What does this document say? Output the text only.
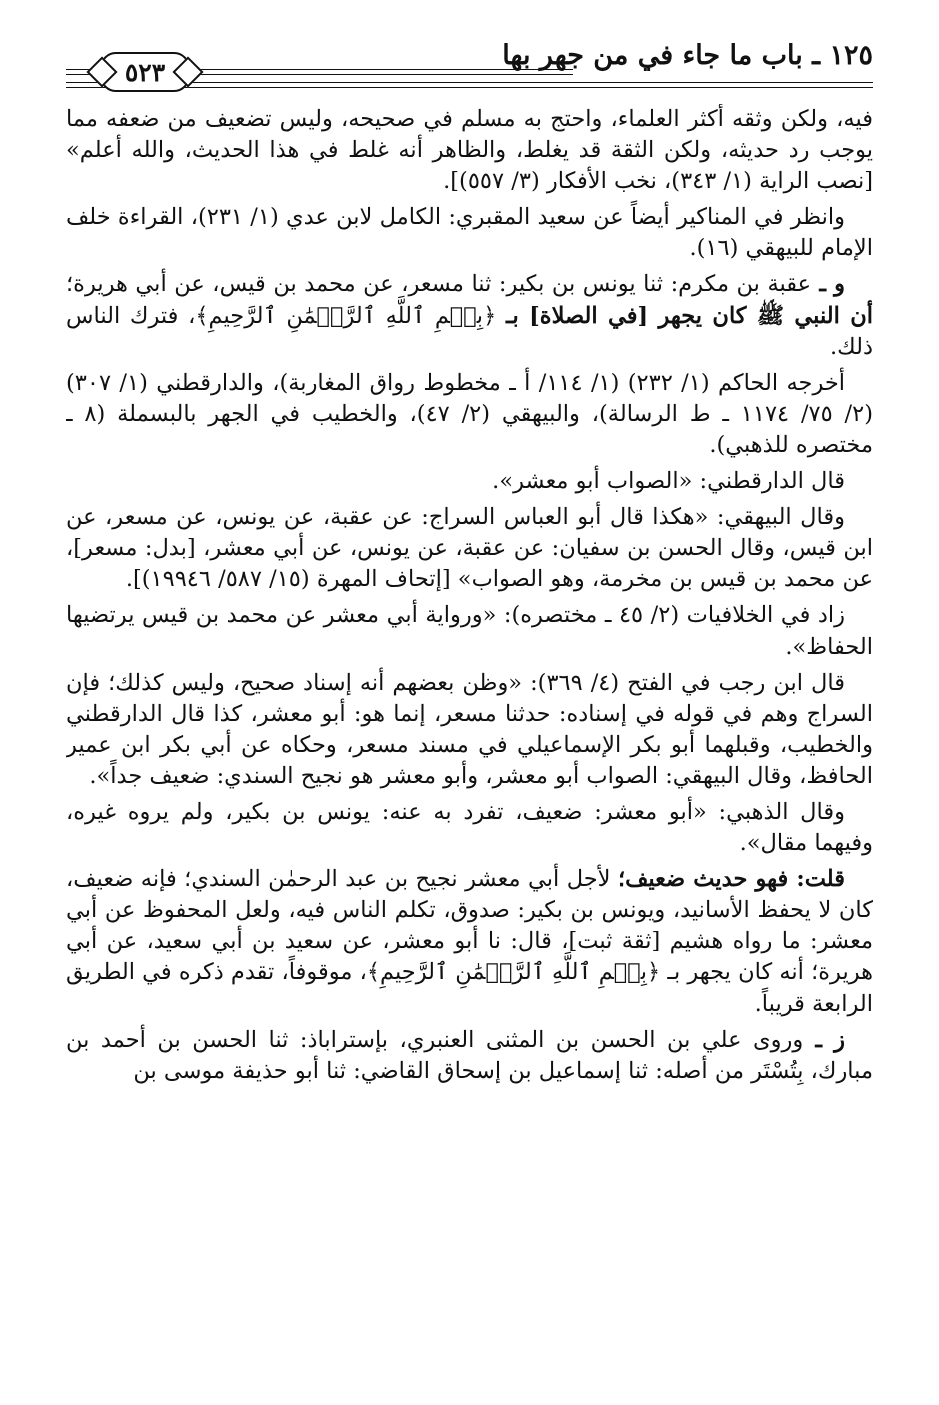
١٢٥ ـ باب ما جاء في من جهر بها
٥٢٣

فيه، ولكن وثقه أكثر العلماء، واحتج به مسلم في صحيحه، وليس تضعيف من ضعفه مما يوجب رد حديثه، ولكن الثقة قد يغلط، والظاهر أنه غلط في هذا الحديث، والله أعلم» [نصب الراية (١/ ٣٤٣)، نخب الأفكار (٣/ ٥٥٧)].

وانظر في المناكير أيضاً عن سعيد المقبري: الكامل لابن عدي (١/ ٢٣١)، القراءة خلف الإمام للبيهقي (١٦).

و ـ عقبة بن مكرم: ثنا يونس بن بكير: ثنا مسعر، عن محمد بن قيس، عن أبي هريرة؛ أن النبي ﷺ كان يجهر [في الصلاة] بـ ﴿بِسۡمِ ٱللَّهِ ٱلرَّحۡمَٰنِ ٱلرَّحِيمِ﴾، فترك الناس ذلك.

أخرجه الحاكم (١/ ٢٣٢) (١/ ١١٤/ أ ـ مخطوط رواق المغاربة)، والدارقطني (١/ ٣٠٧) (٢/ ٧٥/ ١١٧٤ ـ ط الرسالة)، والبيهقي (٢/ ٤٧)، والخطيب في الجهر بالبسملة (٨ ـ مختصره للذهبي).

قال الدارقطني: «الصواب أبو معشر».

وقال البيهقي: «هكذا قال أبو العباس السراج: عن عقبة، عن يونس، عن مسعر، عن ابن قيس، وقال الحسن بن سفيان: عن عقبة، عن يونس، عن أبي معشر، [بدل: مسعر]، عن محمد بن قيس بن مخرمة، وهو الصواب» [إتحاف المهرة (١٥/ ٥٨٧/ ١٩٩٤٦)].

زاد في الخلافيات (٢/ ٤٥ ـ مختصره): «ورواية أبي معشر عن محمد بن قيس يرتضيها الحفاظ».

قال ابن رجب في الفتح (٤/ ٣٦٩): «وظن بعضهم أنه إسناد صحيح، وليس كذلك؛ فإن السراج وهم في قوله في إسناده: حدثنا مسعر، إنما هو: أبو معشر، كذا قال الدارقطني والخطيب، وقبلهما أبو بكر الإسماعيلي في مسند مسعر، وحكاه عن أبي بكر ابن عمير الحافظ، وقال البيهقي: الصواب أبو معشر، وأبو معشر هو نجيح السندي: ضعيف جداً».

وقال الذهبي: «أبو معشر: ضعيف، تفرد به عنه: يونس بن بكير، ولم يروه غيره، وفيهما مقال».

قلت: فهو حديث ضعيف؛ لأجل أبي معشر نجيح بن عبد الرحمٰن السندي؛ فإنه ضعيف، كان لا يحفظ الأسانيد، ويونس بن بكير: صدوق، تكلم الناس فيه، ولعل المحفوظ عن أبي معشر: ما رواه هشيم [ثقة ثبت]، قال: نا أبو معشر، عن سعيد بن أبي سعيد، عن أبي هريرة؛ أنه كان يجهر بـ ﴿بِسۡمِ ٱللَّهِ ٱلرَّحۡمَٰنِ ٱلرَّحِيمِ﴾، موقوفاً، تقدم ذكره في الطريق الرابعة قريباً.

ز ـ وروى علي بن الحسن بن المثنى العنبري، بإستراباذ: ثنا الحسن بن أحمد بن مبارك، بِتُسْتَر من أصله: ثنا إسماعيل بن إسحاق القاضي: ثنا أبو حذيفة موسى بن
